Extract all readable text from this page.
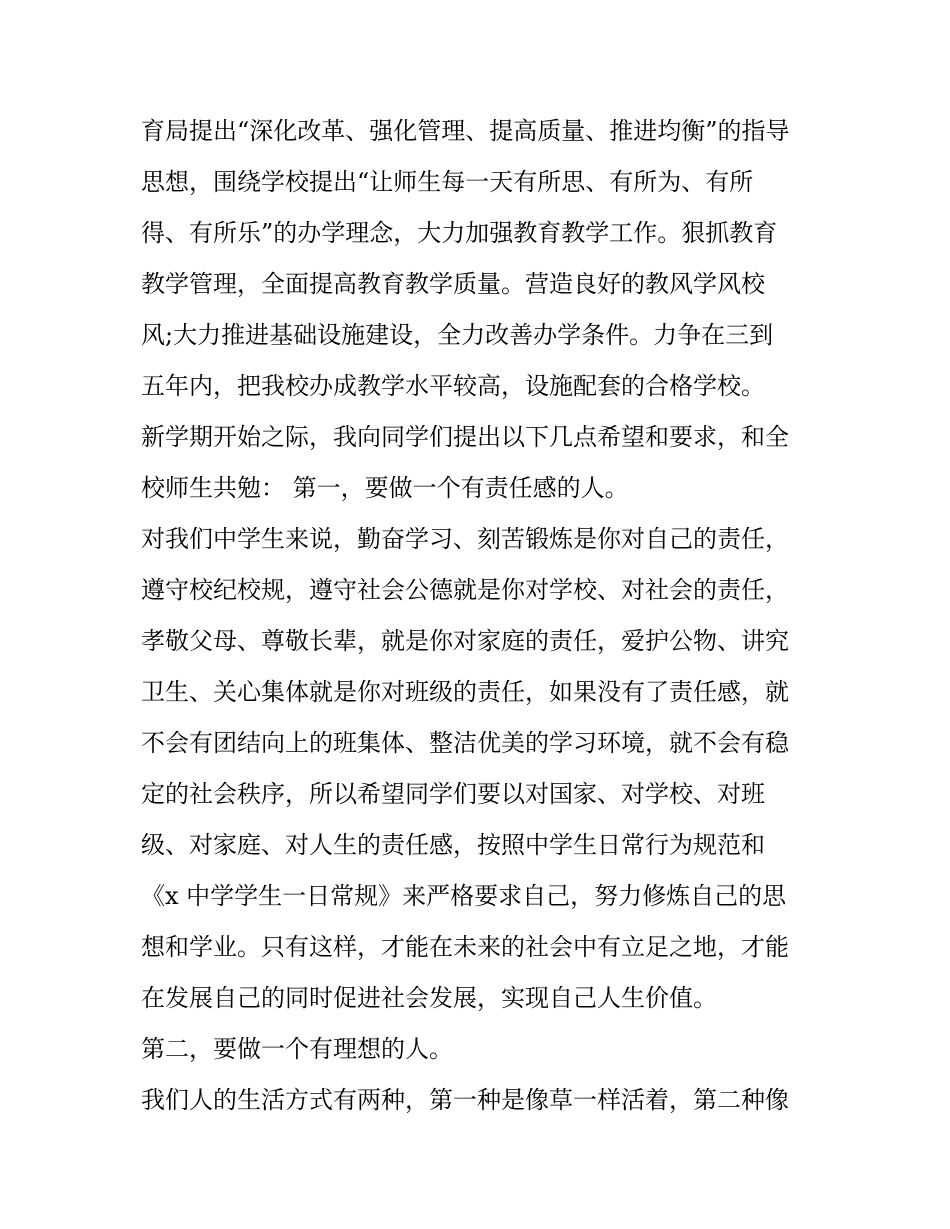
育局提出“深化改革、强化管理、提高质量、推进均衡”的指导
思想，围绕学校提出“让师生每一天有所思、有所为、有所
得、有所乐”的办学理念，大力加强教育教学工作。狠抓教育
教学管理，全面提高教育教学质量。营造良好的教风学风校
风;大力推进基础设施建设，全力改善办学条件。力争在三到
五年内，把我校办成教学水平较高，设施配套的合格学校。
新学期开始之际，我向同学们提出以下几点希望和要求，和全
校师生共勉： 第一，要做一个有责任感的人。
对我们中学生来说，勤奋学习、刻苦锻炼是你对自己的责任，
遵守校纪校规，遵守社会公德就是你对学校、对社会的责任，
孝敬父母、尊敬长辈，就是你对家庭的责任，爱护公物、讲究
卫生、关心集体就是你对班级的责任，如果没有了责任感，就
不会有团结向上的班集体、整洁优美的学习环境，就不会有稳
定的社会秩序，所以希望同学们要以对国家、对学校、对班
级、对家庭、对人生的责任感，按照中学生日常行为规范和
《x 中学学生一日常规》来严格要求自己，努力修炼自己的思
想和学业。只有这样，才能在未来的社会中有立足之地，才能
在发展自己的同时促进社会发展，实现自己人生价值。
第二，要做一个有理想的人。
我们人的生活方式有两种，第一种是像草一样活着，第二种像
